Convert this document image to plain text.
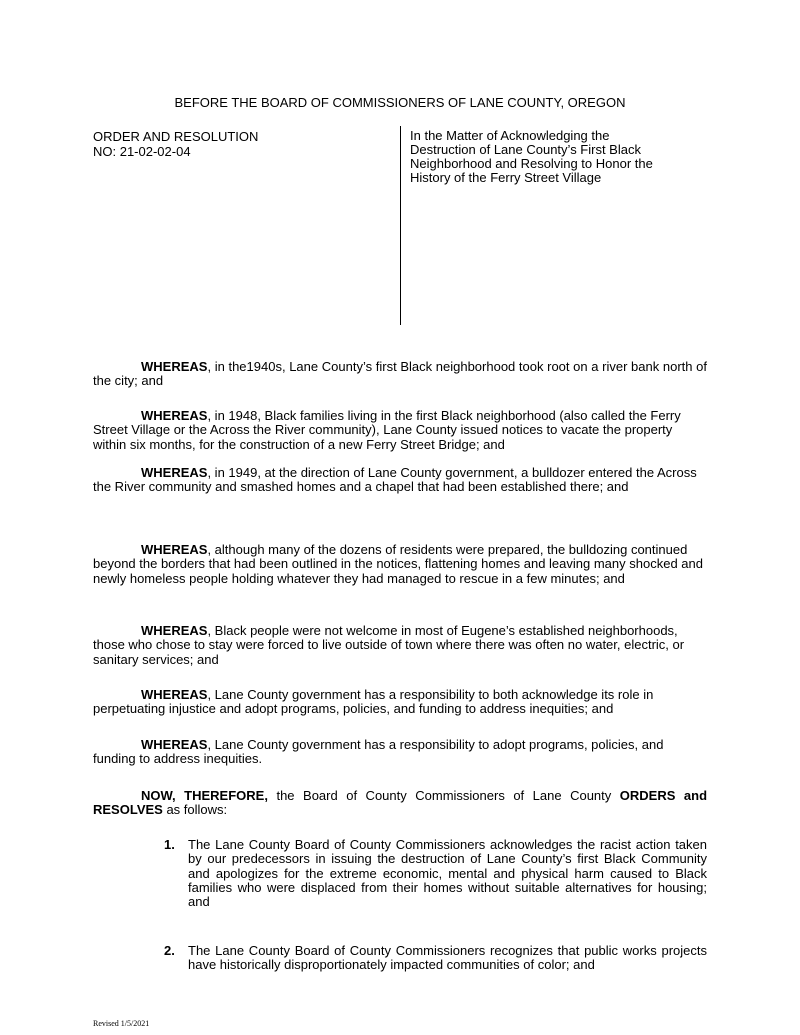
BEFORE THE BOARD OF COMMISSIONERS OF LANE COUNTY, OREGON
ORDER AND RESOLUTION
NO: 21-02-02-04
In the Matter of Acknowledging the
Destruction of Lane County’s First Black
Neighborhood and Resolving to Honor the
History of the Ferry Street Village
WHEREAS, in the1940s, Lane County’s first Black neighborhood took root on a river bank north of the city; and
WHEREAS, in 1948, Black families living in the first Black neighborhood (also called the Ferry Street Village or the Across the River community), Lane County issued notices to vacate the property within six months, for the construction of a new Ferry Street Bridge; and
WHEREAS, in 1949, at the direction of Lane County government, a bulldozer entered the Across the River community and smashed homes and a chapel that had been established there; and
WHEREAS, although many of the dozens of residents were prepared, the bulldozing continued beyond the borders that had been outlined in the notices, flattening homes and leaving many shocked and newly homeless people holding whatever they had managed to rescue in a few minutes; and
WHEREAS, Black people were not welcome in most of Eugene’s established neighborhoods, those who chose to stay were forced to live outside of town where there was often no water, electric, or sanitary services; and
WHEREAS, Lane County government has a responsibility to both acknowledge its role in perpetuating injustice and adopt programs, policies, and funding to address inequities; and
WHEREAS, Lane County government has a responsibility to adopt programs, policies, and funding to address inequities.
NOW, THEREFORE, the Board of County Commissioners of Lane County ORDERS and RESOLVES as follows:
1. The Lane County Board of County Commissioners acknowledges the racist action taken by our predecessors in issuing the destruction of Lane County’s first Black Community and apologizes for the extreme economic, mental and physical harm caused to Black families who were displaced from their homes without suitable alternatives for housing; and
2. The Lane County Board of County Commissioners recognizes that public works projects have historically disproportionately impacted communities of color; and
Revised 1/5/2021
